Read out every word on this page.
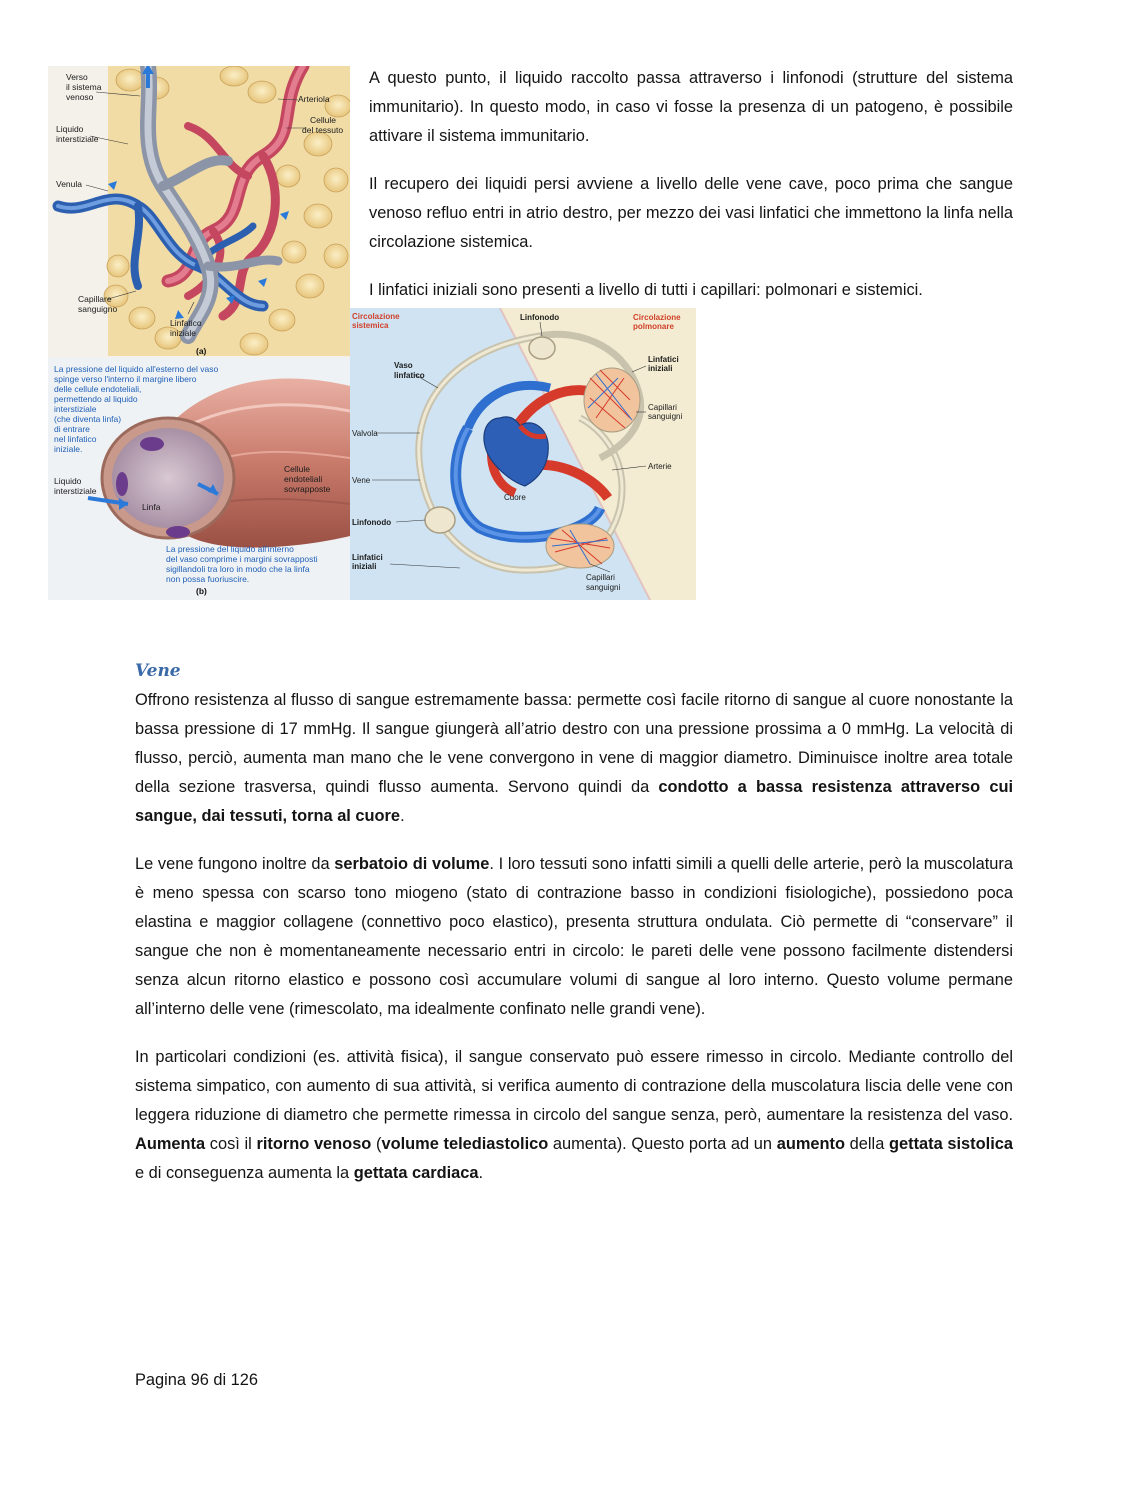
Verso
il sistema
venoso	Arteriola
Cellule
del tessuto
Liquido
interstiziale
Venula
Capillare
sanguigno
Linfatico
iniziale
(a)
La pressione del liquido all'esterno del vaso
spinge verso l'interno il margine libero
delle cellule endoteliali,
permettendo al liquido
interstiziale
(che diventa linfa)
di entrare
nel linfatico
iniziale.
Cellule
endoteliali
sovrapposte
Liquido
interstiziale
Linfa
La pressione del liquido all'interno
del vaso comprime i margini sovrapposti
sigillandoli tra loro in modo che la linfa
non possa fuoriuscire.
(b)
Circolazione
sistemica
Linfonodo	Circolazione
polmonare
Vaso
linfatico
Linfatici
iniziali
Capillari
sanguigni
Valvola
Arterie
Vene
Cuore
Linfonodo
Linfatici
iniziali
Capillari
sanguigni

A questo punto, il liquido raccolto passa attraverso i linfonodi (strutture del sistema immunitario). In questo modo, in caso vi fosse la presenza di un patogeno, è possibile attivare il sistema immunitario.

Il recupero dei liquidi persi avviene a livello delle vene cave, poco prima che sangue venoso refluo entri in atrio destro, per mezzo dei vasi linfatici che immettono la linfa nella circolazione sistemica.

I linfatici iniziali sono presenti a livello di tutti i capillari: polmonari e sistemici.

Vene

Offrono resistenza al flusso di sangue estremamente bassa: permette così facile ritorno di sangue al cuore nonostante la bassa pressione di 17 mmHg. Il sangue giungerà all’atrio destro con una pressione prossima a 0 mmHg. La velocità di flusso, perciò, aumenta man mano che le vene convergono in vene di maggior diametro. Diminuisce inoltre area totale della sezione trasversa, quindi flusso aumenta. Servono quindi da condotto a bassa resistenza attraverso cui sangue, dai tessuti, torna al cuore.

Le vene fungono inoltre da serbatoio di volume. I loro tessuti sono infatti simili a quelli delle arterie, però la muscolatura è meno spessa con scarso tono miogeno (stato di contrazione basso in condizioni fisiologiche), possiedono poca elastina e maggior collagene (connettivo poco elastico), presenta struttura ondulata. Ciò permette di “conservare” il sangue che non è momentaneamente necessario entri in circolo: le pareti delle vene possono facilmente distendersi senza alcun ritorno elastico e possono così accumulare volumi di sangue al loro interno. Questo volume permane all’interno delle vene (rimescolato, ma idealmente confinato nelle grandi vene).

In particolari condizioni (es. attività fisica), il sangue conservato può essere rimesso in circolo. Mediante controllo del sistema simpatico, con aumento di sua attività, si verifica aumento di contrazione della muscolatura liscia delle vene con leggera riduzione di diametro che permette rimessa in circolo del sangue senza, però, aumentare la resistenza del vaso. Aumenta così il ritorno venoso (volume telediastolico aumenta). Questo porta ad un aumento della gettata sistolica e di conseguenza aumenta la gettata cardiaca.

Pagina 96 di 126
